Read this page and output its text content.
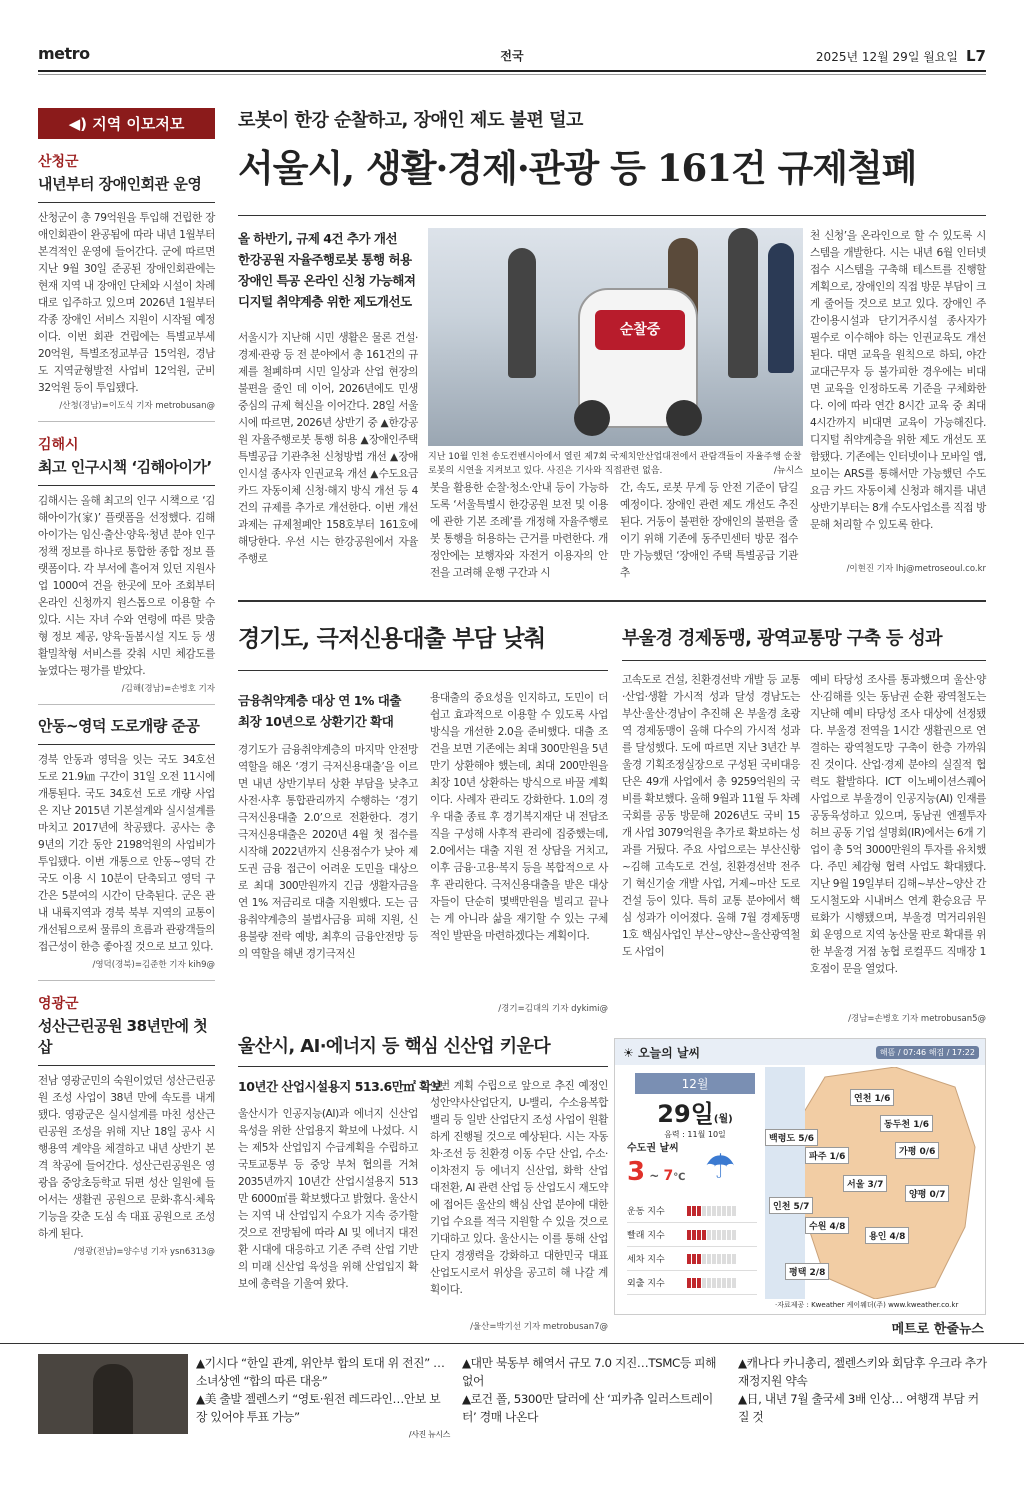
metro	전국	2025년 12월 29일 월요일 L7
◀) 지역 이모저모
산청군
내년부터 장애인회관 운영
산청군이 총 79억원을 투입해 건립한 장애인회관이 완공됨에 따라 내년 1월부터 본격적인 운영에 들어간다. 군에 따르면 지난 9월 30일 준공된 장애인회관에는 현재 지역 내 장애인 단체와 시설이 차례대로 입주하고 있으며 2026년 1월부터 각종 장애인 서비스 지원이 시작될 예정이다. 이번 회관 건립에는 특별교부세 20억원, 특별조정교부금 15억원, 경남도 지역균형발전 사업비 12억원, 군비 32억원 등이 투입됐다.
/산청(경남)=이도식 기자 metrobusan@
김해시
최고 인구시책 ‘김해아이가’
김해시는 올해 최고의 인구 시책으로 ‘김해아이가(家)’ 플랫폼을 선정했다. 김해아이가는 임신·출산·양육·청년 분야 인구 정책 정보를 하나로 통합한 종합 정보 플랫폼이다. 각 부서에 흩어져 있던 지원사업 1000여 건을 한곳에 모아 조회부터 온라인 신청까지 원스톱으로 이용할 수 있다. 시는 자녀 수와 연령에 따른 맞춤형 정보 제공, 양육·돌봄시설 지도 등 생활밀착형 서비스를 갖춰 시민 체감도를 높였다는 평가를 받았다.
/김해(경남)=손병호 기자
안동~영덕 도로개량 준공
경북 안동과 영덕을 잇는 국도 34호선 도로 21.9㎞ 구간이 31일 오전 11시에 개통된다. 국도 34호선 도로 개량 사업은 지난 2015년 기본설계와 실시설계를 마치고 2017년에 착공됐다. 공사는 총 9년의 기간 동안 2198억원의 사업비가 투입됐다. 이번 개통으로 안동~영덕 간 국도 이용 시 10분이 단축되고 영덕 구간은 5분여의 시간이 단축된다. 군은 관내 내륙지역과 경북 북부 지역의 교통이 개선됨으로써 물류의 흐름과 관광객들의 접근성이 한층 좋아질 것으로 보고 있다.
/영덕(경북)=김준한 기자 kih9@
영광군
성산근린공원 38년만에 첫삽
전남 영광군민의 숙원이었던 성산근린공원 조성 사업이 38년 만에 속도를 내게 됐다. 영광군은 실시설계를 마친 성산근린공원 조성을 위해 지난 18일 공사 시행용역 계약을 체결하고 내년 상반기 본격 착공에 들어간다. 성산근린공원은 영광읍 중앙초등학교 뒤편 성산 일원에 들어서는 생활권 공원으로 문화·휴식·체육 기능을 갖춘 도심 속 대표 공원으로 조성하게 된다.
/영광(전남)=양수녕 기자 ysn6313@
로봇이 한강 순찰하고, 장애인 제도 불편 덜고
서울시, 생활·경제·관광 등 161건 규제철폐
올 하반기, 규제 4건 추가 개선
한강공원 자율주행로봇 통행 허용
장애인 특공 온라인 신청 가능해져
디지털 취약계층 위한 제도개선도
서울시가 지난해 시민 생활은 물론 건설·경제·관광 등 전 분야에서 총 161건의 규제를 철폐하며 시민 일상과 산업 현장의 불편을 줄인 데 이어, 2026년에도 민생 중심의 규제 혁신을 이어간다. 28일 서울시에 따르면, 2026년 상반기 중 ▲한강공원 자율주행로봇 통행 허용 ▲장애인주택 특별공급 기관추천 신청방법 개선 ▲장애인시설 종사자 인권교육 개선 ▲수도요금 카드 자동이체 신청·해지 방식 개선 등 4건의 규제를 추가로 개선한다. 이번 개선 과제는 규제철폐안 158호부터 161호에 해당한다. 우선 시는 한강공원에서 자율주행로
순찰중
지난 10월 인천 송도컨벤시아에서 열린 제7회 국제치안산업대전에서 관람객들이 자율주행 순찰로봇의 시연을 지켜보고 있다. 사진은 기사와 직접관련 없음.	/뉴시스
봇을 활용한 순찰·청소·안내 등이 가능하도록 ‘서울특별시 한강공원 보전 및 이용에 관한 기본 조례’를 개정해 자율주행로봇 통행을 허용하는 근거를 마련한다. 개정안에는 보행자와 자전거 이용자의 안전을 고려해 운행 구간과 시
간, 속도, 로봇 무게 등 안전 기준이 담길 예정이다. 장애인 관련 제도 개선도 추진된다. 거동이 불편한 장애인의 불편을 줄이기 위해 기존에 동주민센터 방문 접수만 가능했던 ‘장애인 주택 특별공급 기관추
천 신청’을 온라인으로 할 수 있도록 시스템을 개발한다. 시는 내년 6월 인터넷 접수 시스템을 구축해 테스트를 진행할 계획으로, 장애인의 직접 방문 부담이 크게 줄어들 것으로 보고 있다. 장애인 주간이용시설과 단기거주시설 종사자가 필수로 이수해야 하는 인권교육도 개선된다. 대면 교육을 원칙으로 하되, 야간 교대근무자 등 불가피한 경우에는 비대면 교육을 인정하도록 기준을 구체화한다. 이에 따라 연간 8시간 교육 중 최대 4시간까지 비대면 교육이 가능해진다. 디지털 취약계층을 위한 제도 개선도 포함됐다. 기존에는 인터넷이나 모바일 앱, 보이는 ARS를 통해서만 가능했던 수도요금 카드 자동이체 신청과 해지를 내년 상반기부터는 8개 수도사업소를 직접 방문해 처리할 수 있도록 한다.
/이현진 기자 lhj@metroseoul.co.kr
경기도, 극저신용대출 부담 낮춰
금융취약계층 대상 연 1% 대출
최장 10년으로 상환기간 확대
경기도가 금융취약계층의 마지막 안전망 역할을 해온 ‘경기 극저신용대출’을 이르면 내년 상반기부터 상환 부담을 낮추고 사전·사후 통합관리까지 수행하는 ‘경기 극저신용대출 2.0’으로 전환한다. 경기 극저신용대출은 2020년 4월 첫 접수를 시작해 2022년까지 신용점수가 낮아 제도권 금융 접근이 어려운 도민을 대상으로 최대 300만원까지 긴급 생활자금을 연 1% 저금리로 대출 지원했다. 도는 금융취약계층의 불법사금융 피해 지원, 신용불량 전락 예방, 최후의 금융안전망 등의 역할을 해낸 경기극저신
용대출의 중요성을 인지하고, 도민이 더 쉽고 효과적으로 이용할 수 있도록 사업 방식을 개선한 2.0을 준비했다. 대출 조건을 보면 기존에는 최대 300만원을 5년 만기 상환해야 했는데, 최대 200만원을 최장 10년 상환하는 방식으로 바꿀 계획이다. 사례자 관리도 강화한다. 1.0의 경우 대출 종료 후 경기복지재단 내 전담조직을 구성해 사후적 관리에 집중했는데, 2.0에서는 대출 지원 전 상담을 거치고, 이후 금융·고용·복지 등을 복합적으로 사후 관리한다. 극저신용대출을 받은 대상자들이 단순히 몇백만원을 빌리고 끝나는 게 아니라 삶을 재기할 수 있는 구체적인 발판을 마련하겠다는 계획이다.
/경기=김대의 기자 dykimi@
부울경 경제동맹, 광역교통망 구축 등 성과
고속도로 건설, 친환경선박 개발 등 교통·산업·생활 가시적 성과 달성 경남도는 부산·울산·경남이 추진해 온 부울경 초광역 경제동맹이 올해 다수의 가시적 성과를 달성했다. 도에 따르면 지난 3년간 부울경 기획조정실장으로 구성된 국비대응단은 49개 사업에서 총 9259억원의 국비를 확보했다. 올해 9월과 11월 두 차례 국회를 공동 방문해 2026년도 국비 15개 사업 3079억원을 추가로 확보하는 성과를 거뒀다. 주요 사업으로는 부산신항~김해 고속도로 건설, 친환경선박 전주기 혁신기술 개발 사업, 거제~마산 도로 건설 등이 있다. 특히 교통 분야에서 핵심 성과가 이어졌다. 올해 7월 경제동맹 1호 핵심사업인 부산~양산~울산광역철도 사업이
예비 타당성 조사를 통과했으며 울산·양산·김해를 잇는 동남권 순환 광역철도는 지난해 예비 타당성 조사 대상에 선정됐다. 부울경 전역을 1시간 생활권으로 연결하는 광역철도망 구축이 한층 가까워진 것이다. 산업·경제 분야의 실질적 협력도 활발하다. ICT 이노베이션스퀘어 사업으로 부울경이 인공지능(AI) 인재를 공동육성하고 있으며, 동남권 엔젤투자 허브 공동 기업 설명회(IR)에서는 6개 기업이 총 5억 3000만원의 투자를 유치했다. 주민 체감형 협력 사업도 확대됐다. 지난 9월 19일부터 김해~부산~양산 간 도시철도와 시내버스 연계 환승요금 무료화가 시행됐으며, 부울경 먹거리위원회 운영으로 지역 농산물 판로 확대를 위한 부울경 거점 농협 로컬푸드 직매장 1호점이 문을 열었다.
/경남=손병호 기자 metrobusan5@
울산시, AI·에너지 등 핵심 신산업 키운다
10년간 산업시설용지 513.6만㎡ 확보
울산시가 인공지능(AI)과 에너지 신산업 육성을 위한 산업용지 확보에 나섰다. 시는 제5차 산업입지 수급계획을 수립하고 국토교통부 등 중앙 부처 협의를 거쳐 2035년까지 10년간 산업시설용지 513만 6000㎡를 확보했다고 밝혔다. 울산시는 지역 내 산업입지 수요가 지속 증가할 것으로 전망됨에 따라 AI 및 에너지 대전환 시대에 대응하고 기존 주력 산업 기반의 미래 신산업 육성을 위해 산업입지 확보에 총력을 기울여 왔다.
이번 계획 수립으로 앞으로 추진 예정인 성안약사산업단지, U-밸리, 수소융복합밸리 등 일반 산업단지 조성 사업이 원활하게 진행될 것으로 예상된다. 시는 자동차·조선 등 친환경 이동 수단 산업, 수소·이차전지 등 에너지 신산업, 화학 산업 대전환, AI 관련 산업 등 산업도시 재도약에 접어든 울산의 핵심 산업 분야에 대한 기업 수요를 적극 지원할 수 있을 것으로 기대하고 있다. 울산시는 이를 통해 산업단지 경쟁력을 강화하고 대한민국 대표 산업도시로서 위상을 공고히 해 나갈 계획이다.
/울산=박기선 기자 metrobusan7@
☀ 오늘의 날씨	해뜸 / 07:46 해짐 / 17:22
12월
29일(월)
음력 : 11월 10일
수도권 날씨
3 ~ 7℃ ☂
운동 지수
빨래 지수
세차 지수
외출 지수
연천 1/6
동두천 1/6
백령도 5/6
가평 0/6
파주 1/6
서울 3/7
양평 0/7
인천 5/7
수원 4/8
용인 4/8
평택 2/8
·자료제공 : Kweather 케이웨더(주) www.kweather.co.kr
메트로 한줄뉴스
▲기시다 “한일 관계, 위안부 합의 토대 위 전진” …소녀상엔 “합의 따른 대응”
▲美 출발 젤렌스키 “영토·원전 레드라인…안보 보장 있어야 투표 가능”
/사진 뉴시스
▲대만 북동부 해역서 규모 7.0 지진…TSMC등 피해 없어
▲로건 폴, 5300만 달러에 산 ‘피카츄 일러스트레이터’ 경매 나온다
▲캐나다 카니총리, 젤렌스키와 회담후 우크라 추가 재정지원 약속
▲日, 내년 7월 출국세 3배 인상… 여행객 부담 커질 것
